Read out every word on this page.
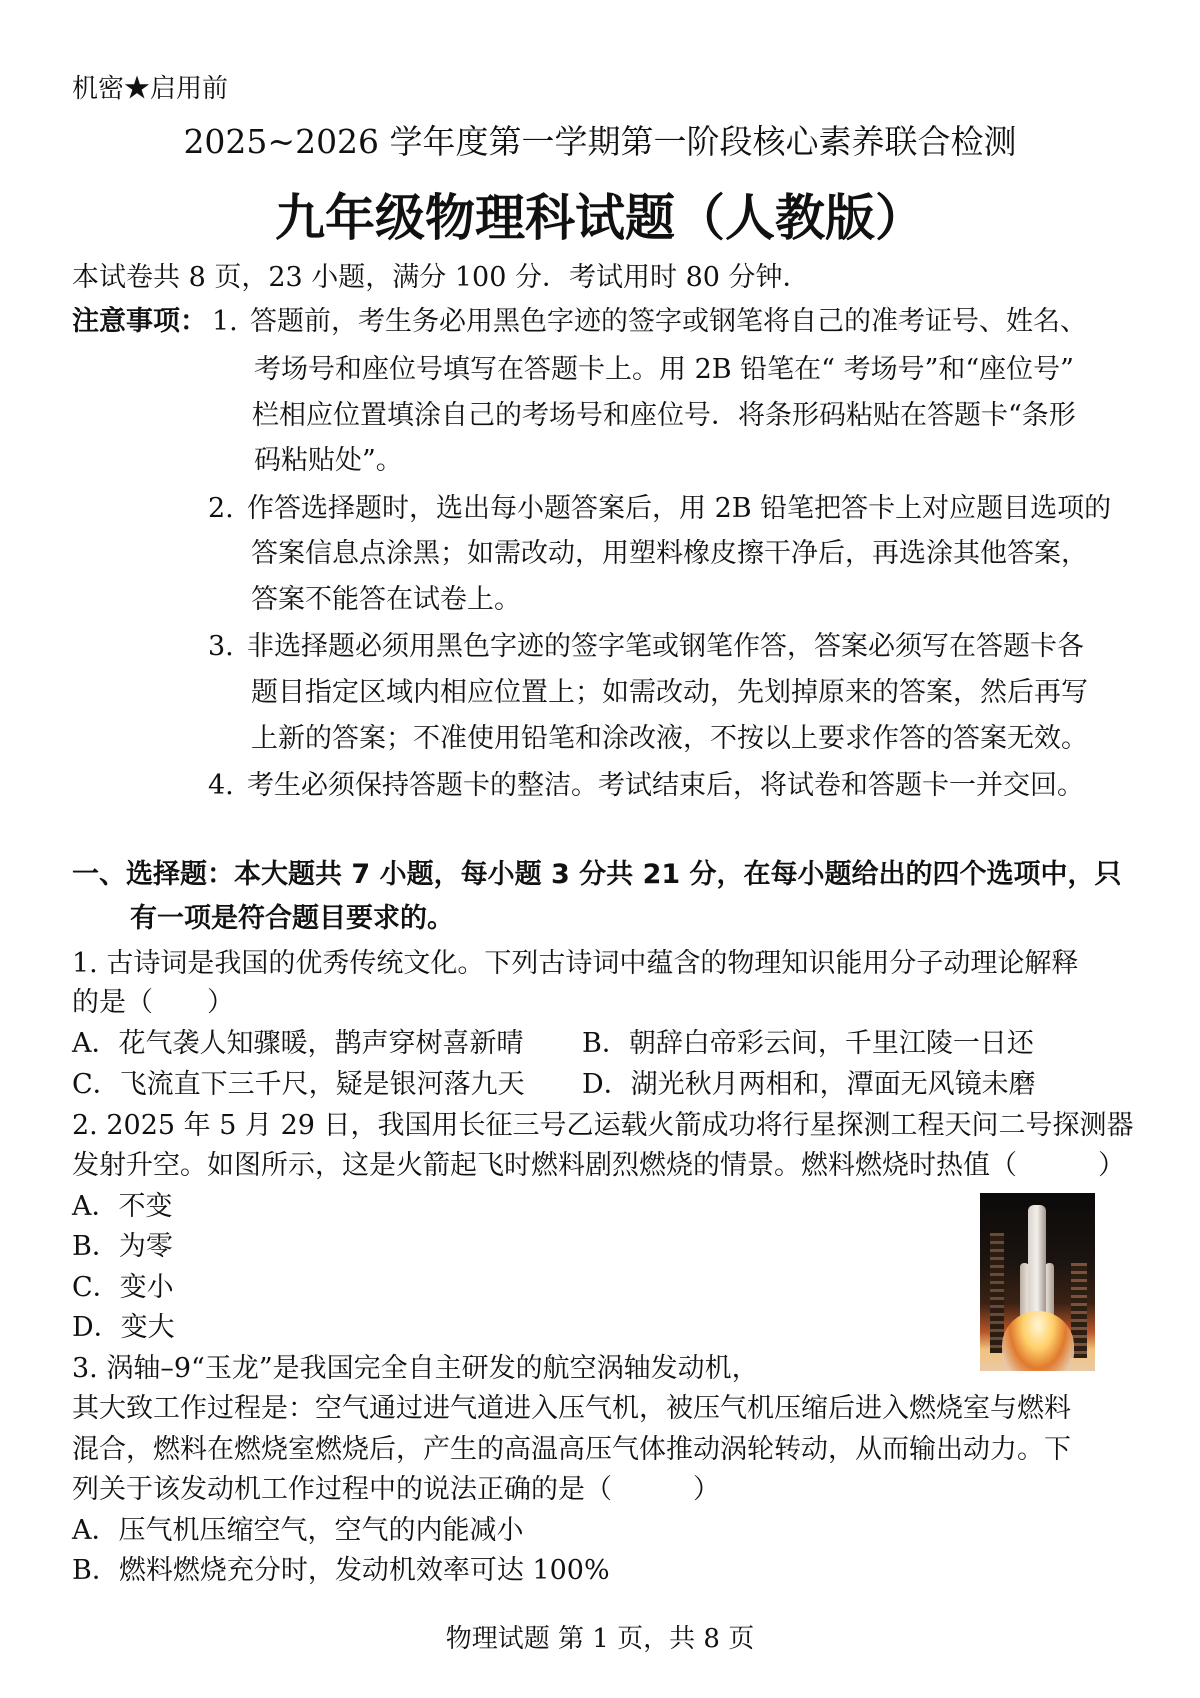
机密★启用前
2025~2026 学年度第一学期第一阶段核心素养联合检测
九年级物理科试题（人教版）
本试卷共 8 页，23 小题，满分 100 分．考试用时 80 分钟．
注意事项： 1. 答题前，考生务必用黑色字迹的签字或钢笔将自己的准考证号、姓名、
考场号和座位号填写在答题卡上。用 2B 铅笔在“ 考场号”和“座位号”
栏相应位置填涂自己的考场号和座位号．将条形码粘贴在答题卡“条形
码粘贴处”。
2. 作答选择题时，选出每小题答案后，用 2B 铅笔把答卡上对应题目选项的
答案信息点涂黑；如需改动，用塑料橡皮擦干净后，再选涂其他答案，
答案不能答在试卷上。
3. 非选择题必须用黑色字迹的签字笔或钢笔作答，答案必须写在答题卡各
题目指定区域内相应位置上；如需改动，先划掉原来的答案，然后再写
上新的答案；不准使用铅笔和涂改液，不按以上要求作答的答案无效。
4. 考生必须保持答题卡的整洁。考试结束后，将试卷和答题卡一并交回。
一、选择题：本大题共 7 小题，每小题 3 分共 21 分，在每小题给出的四个选项中，只
有一项是符合题目要求的。
1. 古诗词是我国的优秀传统文化。下列古诗词中蕴含的物理知识能用分子动理论解释
的是（　　）
A．花气袭人知骤暖，鹊声穿树喜新晴 B．朝辞白帝彩云间，千里江陵一日还
C．飞流直下三千尺，疑是银河落九天 D．湖光秋月两相和，潭面无风镜未磨
2. 2025 年 5 月 29 日，我国用长征三号乙运载火箭成功将行星探测工程天问二号探测器
发射升空。如图所示，这是火箭起飞时燃料剧烈燃烧的情景。燃料燃烧时热值（　　　）
A．不变
B．为零
C．变小
D．变大
3. 涡轴–9“玉龙”是我国完全自主研发的航空涡轴发动机，
其大致工作过程是：空气通过进气道进入压气机，被压气机压缩后进入燃烧室与燃料
混合，燃料在燃烧室燃烧后，产生的高温高压气体推动涡轮转动，从而输出动力。下
列关于该发动机工作过程中的说法正确的是（　　　）
A．压气机压缩空气，空气的内能减小
B．燃料燃烧充分时，发动机效率可达 100%
物理试题 第 1 页，共 8 页
